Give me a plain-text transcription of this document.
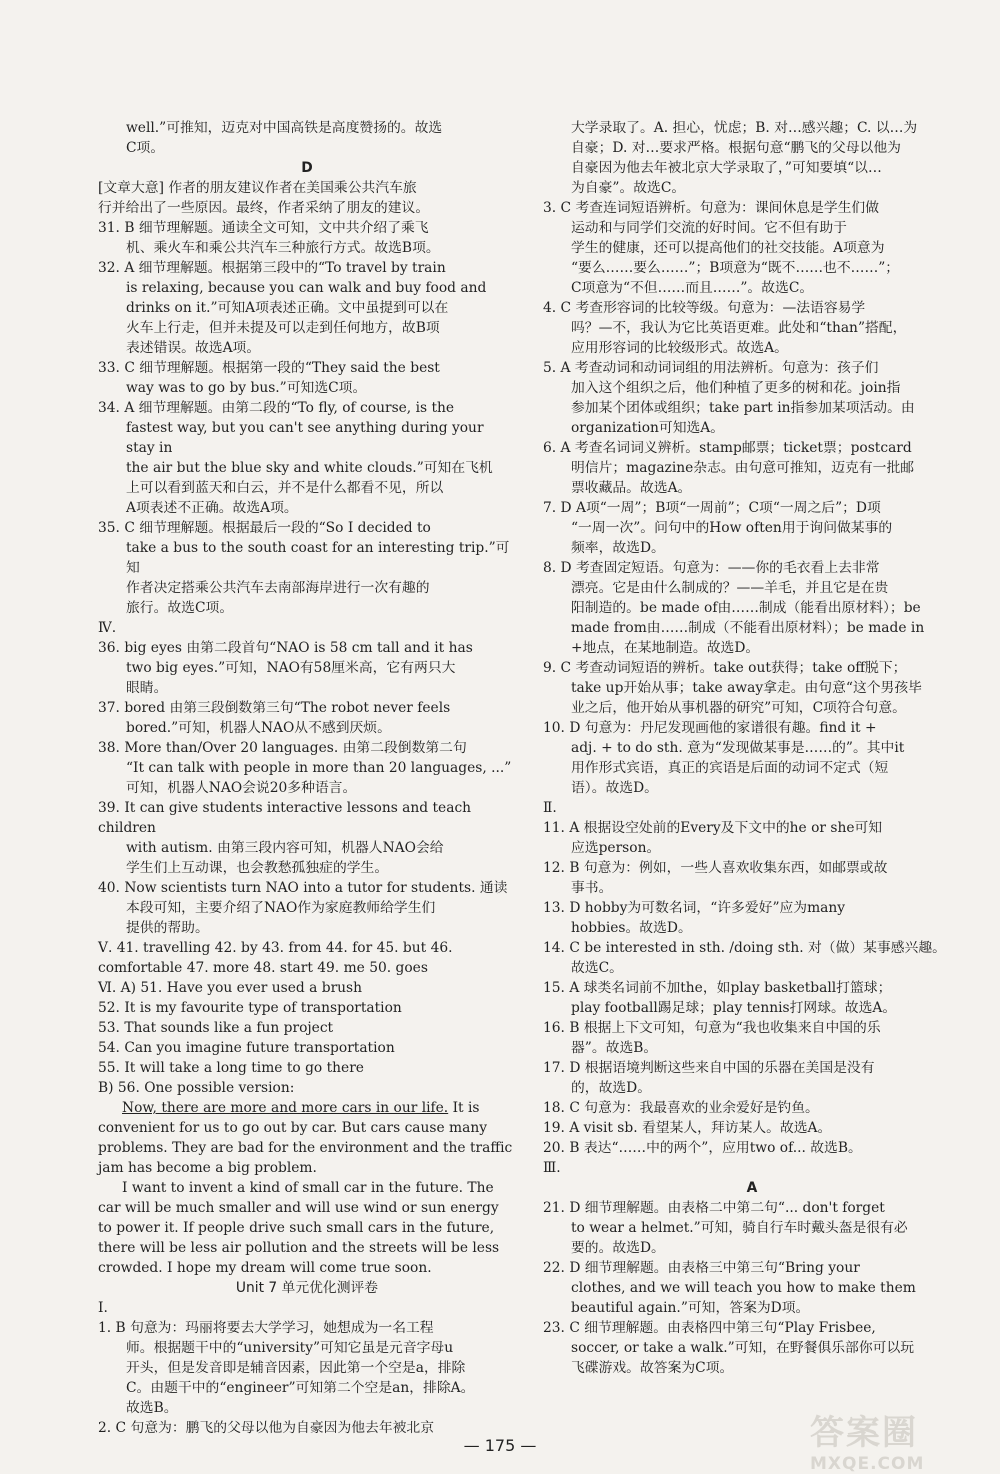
well.”可推知，迈克对中国高铁是高度赞扬的。故选
C项。
D
[文章大意] 作者的朋友建议作者在美国乘公共汽车旅
行并给出了一些原因。最终，作者采纳了朋友的建议。
31. B 细节理解题。通读全文可知，文中共介绍了乘飞
机、乘火车和乘公共汽车三种旅行方式。故选B项。
32. A 细节理解题。根据第三段中的“To travel by train
is relaxing, because you can walk and buy food and
drinks on it.”可知A项表述正确。文中虽提到可以在
火车上行走，但并未提及可以走到任何地方，故B项
表述错误。故选A项。
33. C 细节理解题。根据第一段的“They said the best
way was to go by bus.”可知选C项。
34. A 细节理解题。由第二段的“To fly, of course, is the
fastest way, but you can't see anything during your stay in
the air but the blue sky and white clouds.”可知在飞机
上可以看到蓝天和白云，并不是什么都看不见，所以
A项表述不正确。故选A项。
35. C 细节理解题。根据最后一段的“So I decided to
take a bus to the south coast for an interesting trip.”可知
作者决定搭乘公共汽车去南部海岸进行一次有趣的
旅行。故选C项。
Ⅳ.
36. big eyes 由第二段首句“NAO is 58 cm tall and it has
two big eyes.”可知，NAO有58厘米高，它有两只大
眼睛。
37. bored 由第三段倒数第三句“The robot never feels
bored.”可知，机器人NAO从不感到厌烦。
38. More than/Over 20 languages. 由第二段倒数第二句
“It can talk with people in more than 20 languages, ...”
可知，机器人NAO会说20多种语言。
39. It can give students interactive lessons and teach children
with autism. 由第三段内容可知，机器人NAO会给
学生们上互动课，也会教愁孤独症的学生。
40. Now scientists turn NAO into a tutor for students. 通读
本段可知，主要介绍了NAO作为家庭教师给学生们
提供的帮助。
Ⅴ. 41. travelling 42. by 43. from 44. for 45. but 46.
comfortable 47. more 48. start 49. me 50. goes
Ⅵ. A) 51. Have you ever used a brush
52. It is my favourite type of transportation
53. That sounds like a fun project
54. Can you imagine future transportation
55. It will take a long time to go there
B) 56. One possible version:
Now, there are more and more cars in our life. It is convenient for us to go out by car. But cars cause many problems. They are bad for the environment and the traffic jam has become a big problem.
I want to invent a kind of small car in the future. The car will be much smaller and will use wind or sun energy to power it. If people drive such small cars in the future, there will be less air pollution and the streets will be less crowded. I hope my dream will come true soon.
Unit 7 单元优化测评卷
Ⅰ.
1. B 句意为：玛丽将要去大学学习，她想成为一名工程
师。根据题干中的“university”可知它虽是元音字母u
开头，但是发音即是辅音因素，因此第一个空是a，排除
C。由题干中的“engineer”可知第二个空是an，排除A。
故选B。
2. C 句意为：鹏飞的父母以他为自豪因为他去年被北京
大学录取了。A. 担心，忧虑；B. 对…感兴趣；C. 以…为
自豪；D. 对…要求严格。根据句意“鹏飞的父母以他为
自豪因为他去年被北京大学录取了，”可知要填“以…
为自豪”。故选C。
3. C 考查连词短语辨析。句意为：课间休息是学生们做
运动和与同学们交流的好时间。它不但有助于
学生的健康，还可以提高他们的社交技能。A项意为
“要么……要么……”；B项意为“既不……也不……”；
C项意为“不但……而且……”。故选C。
4. C 考查形容词的比较等级。句意为：—法语容易学
吗？—不，我认为它比英语更难。此处和“than”搭配，
应用形容词的比较级形式。故选A。
5. A 考查动词和动词词组的用法辨析。句意为：孩子们
加入这个组织之后，他们种植了更多的树和花。join指
参加某个团体或组织；take part in指参加某项活动。由
organization可知选A。
6. A 考查名词词义辨析。stamp邮票；ticket票；postcard
明信片；magazine杂志。由句意可推知，迈克有一批邮
票收藏品。故选A。
7. D A项“一周”；B项“一周前”；C项“一周之后”；D项
“一周一次”。问句中的How often用于询问做某事的
频率，故选D。
8. D 考查固定短语。句意为：——你的毛衣看上去非常
漂亮。它是由什么制成的？——羊毛，并且它是在贵
阳制造的。be made of由……制成（能看出原材料）；be
made from由……制成（不能看出原材料）；be made in
+地点，在某地制造。故选D。
9. C 考查动词短语的辨析。take out获得；take off脱下；
take up开始从事；take away拿走。由句意“这个男孩毕
业之后，他开始从事机器的研究”可知，C项符合句意。
10. D 句意为：丹尼发现画他的家谱很有趣。find it +
adj. + to do sth. 意为“发现做某事是……的”。其中it
用作形式宾语，真正的宾语是后面的动词不定式（短
语）。故选D。
Ⅱ.
11. A 根据设空处前的Every及下文中的he or she可知
应选person。
12. B 句意为：例如，一些人喜欢收集东西，如邮票或故
事书。
13. D hobby为可数名词，“许多爱好”应为many
hobbies。故选D。
14. C be interested in sth. /doing sth. 对（做）某事感兴趣。
故选C。
15. A 球类名词前不加the，如play basketball打篮球；
play football踢足球；play tennis打网球。故选A。
16. B 根据上下文可知，句意为“我也收集来自中国的乐
器”。故选B。
17. D 根据语境判断这些来自中国的乐器在美国是没有
的，故选D。
18. C 句意为：我最喜欢的业余爱好是钓鱼。
19. A visit sb. 看望某人，拜访某人。故选A。
20. B 表达“……中的两个”，应用two of... 故选B。
Ⅲ.
A
21. D 细节理解题。由表格二中第二句“... don't forget
to wear a helmet.”可知，骑自行车时戴头盔是很有必
要的。故选D。
22. D 细节理解题。由表格三中第三句“Bring your
clothes, and we will teach you how to make them
beautiful again.”可知，答案为D项。
23. C 细节理解题。由表格四中第三句“Play Frisbee,
soccer, or take a walk.”可知，在野餐俱乐部你可以玩
飞碟游戏。故答案为C项。
— 175 —	答案圈
MXQE.COM
